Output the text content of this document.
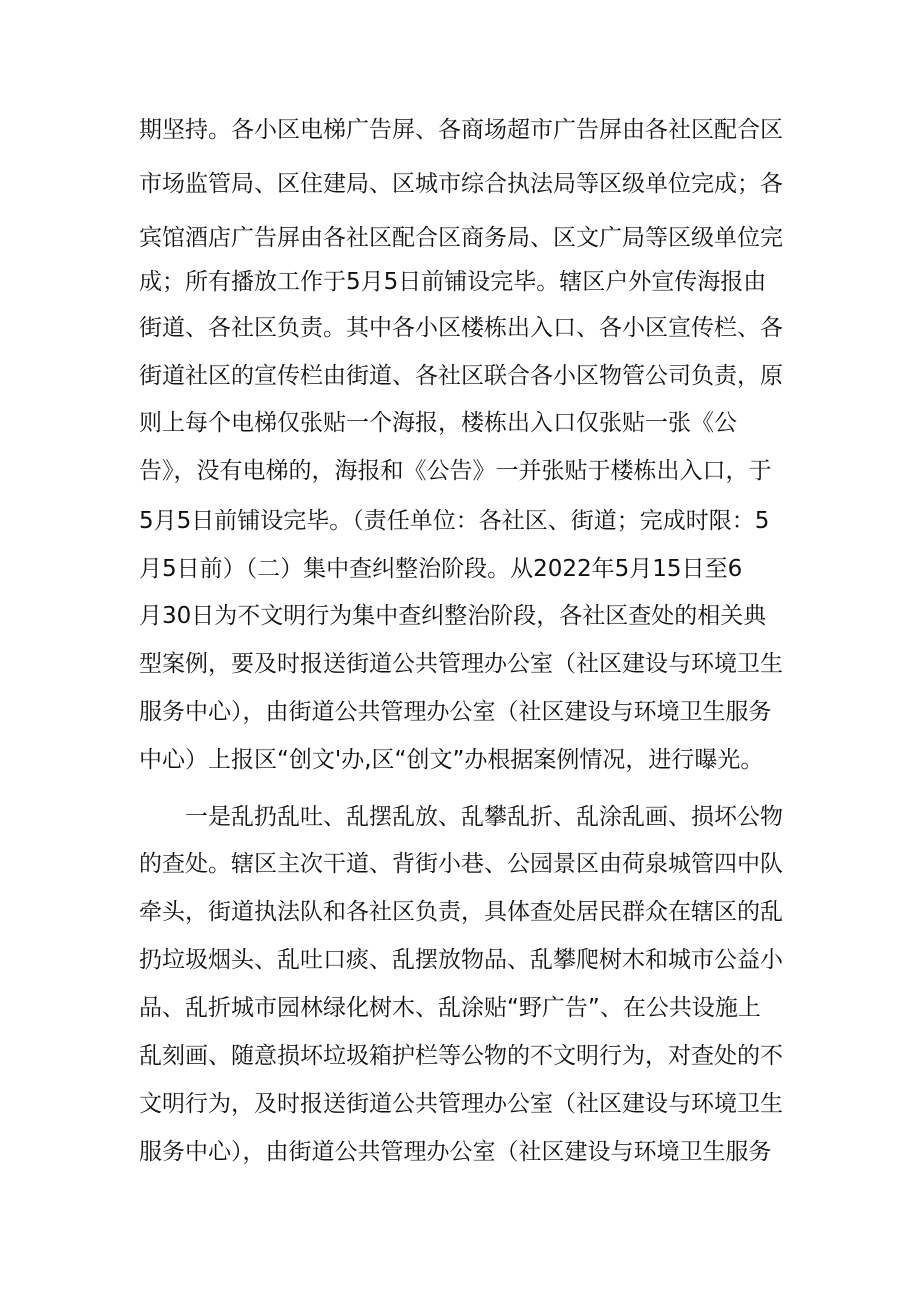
期坚持。各小区电梯广告屏、各商场超市广告屏由各社区配合区
市场监管局、区住建局、区城市综合执法局等区级单位完成；各
宾馆酒店广告屏由各社区配合区商务局、区文广局等区级单位完
成；所有播放工作于5月5日前铺设完毕。辖区户外宣传海报由
街道、各社区负责。其中各小区楼栋出入口、各小区宣传栏、各
街道社区的宣传栏由街道、各社区联合各小区物管公司负责，原
则上每个电梯仅张贴一个海报，楼栋出入口仅张贴一张《公
告》，没有电梯的，海报和《公告》一并张贴于楼栋出入口，于
5月5日前铺设完毕。（责任单位：各社区、街道；完成时限：5
月5日前）（二）集中查纠整治阶段。从2022年5月15日至6
月30日为不文明行为集中查纠整治阶段，各社区查处的相关典
型案例，要及时报送街道公共管理办公室（社区建设与环境卫生
服务中心），由街道公共管理办公室（社区建设与环境卫生服务
中心）上报区“创文'办,区“创文”办根据案例情况，进行曝光。
一是乱扔乱吐、乱摆乱放、乱攀乱折、乱涂乱画、损坏公物
的查处。辖区主次干道、背街小巷、公园景区由荷泉城管四中队
牵头，街道执法队和各社区负责，具体查处居民群众在辖区的乱
扔垃圾烟头、乱吐口痰、乱摆放物品、乱攀爬树木和城市公益小
品、乱折城市园林绿化树木、乱涂贴“野广告”、在公共设施上
乱刻画、随意损坏垃圾箱护栏等公物的不文明行为，对查处的不
文明行为，及时报送街道公共管理办公室（社区建设与环境卫生
服务中心），由街道公共管理办公室（社区建设与环境卫生服务
